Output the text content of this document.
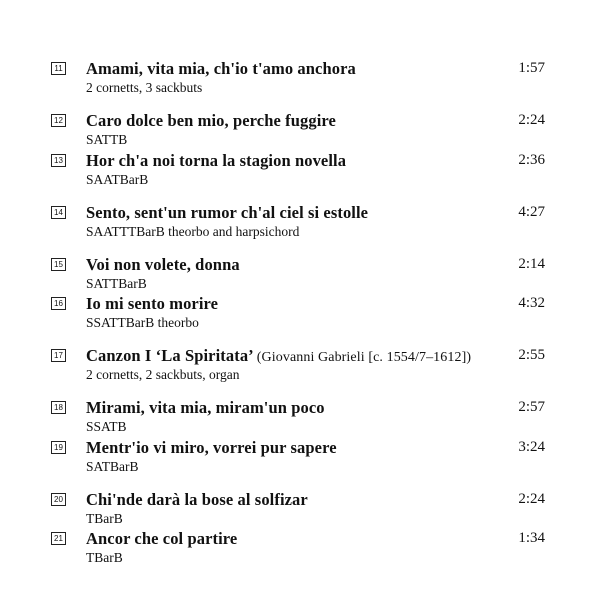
11 Amami, vita mia, ch'io t'amo anchora
2 cornetts, 3 sackbuts
1:57
12 Caro dolce ben mio, perche fuggire
SATTB
2:24
13 Hor ch'a noi torna la stagion novella
SAATBarB
2:36
14 Sento, sent'un rumor ch'al ciel si estolle
SAATTTBarB theorbo and harpsichord
4:27
15 Voi non volete, donna
SATTBarB
2:14
16 Io mi sento morire
SSATTBarB theorbo
4:32
17 Canzon I ‘La Spiritata’ (Giovanni Gabrieli [c. 1554/7–1612])
2 cornetts, 2 sackbuts, organ
2:55
18 Mirami, vita mia, miram'un poco
SSATB
2:57
19 Mentr'io vi miro, vorrei pur sapere
SATBarB
3:24
20 Chi'nde darà la bose al solfizar
TBarB
2:24
21 Ancor che col partire
TBarB
1:34
